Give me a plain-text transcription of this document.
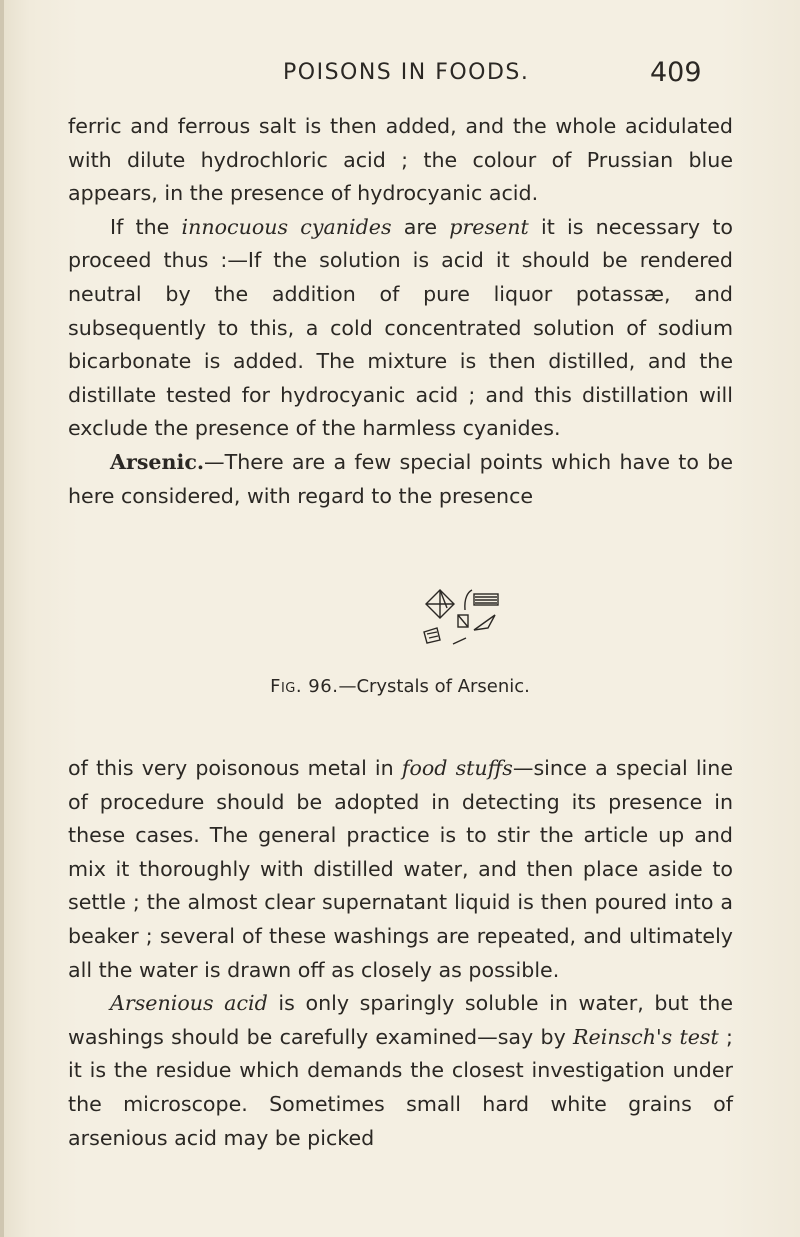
POISONS IN FOODS.	409

ferric and ferrous salt is then added, and the whole acidulated with dilute hydrochloric acid ; the colour of Prussian blue appears, in the presence of hydrocyanic acid.

If the innocuous cyanides are present it is necessary to proceed thus :—If the solution is acid it should be rendered neutral by the addition of pure liquor potassæ, and subsequently to this, a cold concentrated solution of sodium bicarbonate is added. The mixture is then distilled, and the distillate tested for hydrocyanic acid ; and this distillation will exclude the presence of the harmless cyanides.

Arsenic.—There are a few special points which have to be here considered, with regard to the presence

Fig. 96.—Crystals of Arsenic.

of this very poisonous metal in food stuffs—since a special line of procedure should be adopted in detecting its presence in these cases. The general practice is to stir the article up and mix it thoroughly with distilled water, and then place aside to settle ; the almost clear supernatant liquid is then poured into a beaker ; several of these washings are repeated, and ultimately all the water is drawn off as closely as possible.

Arsenious acid is only sparingly soluble in water, but the washings should be carefully examined—say by Reinsch's test ; it is the residue which demands the closest investigation under the microscope. Sometimes small hard white grains of arsenious acid may be picked
